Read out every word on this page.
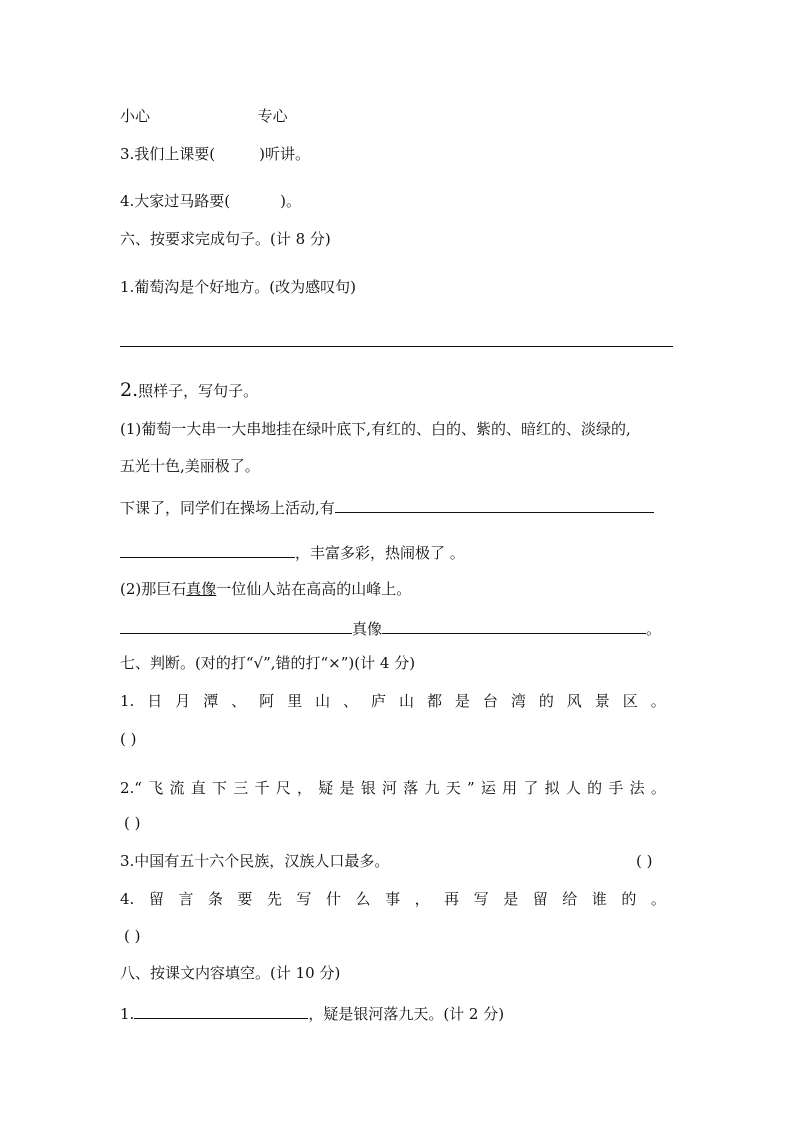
小心	专心
3.我们上课要(	)听讲。
4.大家过马路要(	)。
六、按要求完成句子。(计 8 分)
1.葡萄沟是个好地方。(改为感叹句)
2.照样子，写句子。
(1)葡萄一大串一大串地挂在绿叶底下,有红的、白的、紫的、暗红的、淡绿的,
五光十色,美丽极了。
下课了，同学们在操场上活动,有
，丰富多彩，热闹极了 。
(2)那巨石真像一位仙人站在高高的山峰上。
真像	。
七、判断。(对的打“√”,错的打“×”)(计 4 分)
1. 日 月 潭 、 阿 里 山 、 庐 山 都 是 台 湾 的 风 景 区 。
( )
2.“ 飞 流 直 下 三 千 尺 ， 疑 是 银 河 落 九 天 ” 运 用 了 拟 人 的 手 法 。
( )
3.中国有五十六个民族，汉族人口最多。	( )
4. 留 言 条 要 先 写 什 么 事 ， 再 写 是 留 给 谁 的 。
( )
八、按课文内容填空。(计 10 分)
1.	，疑是银河落九天。(计 2 分)
